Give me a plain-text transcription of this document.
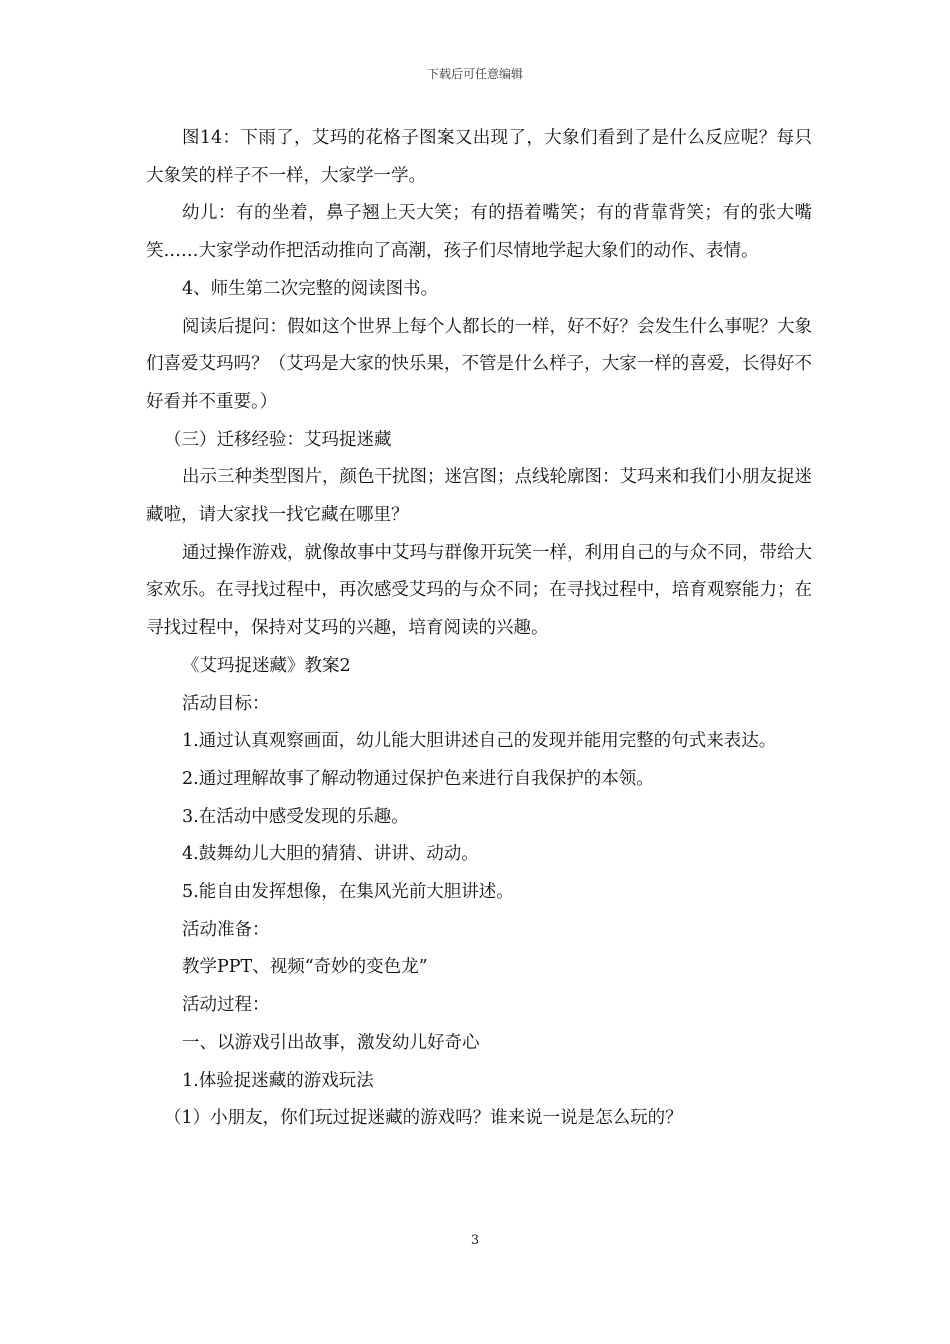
下载后可任意编辑

图14：下雨了，艾玛的花格子图案又出现了，大象们看到了是什么反应呢？每只大象笑的样子不一样，大家学一学。

幼儿：有的坐着，鼻子翘上天大笑；有的捂着嘴笑；有的背靠背笑；有的张大嘴笑……大家学动作把活动推向了高潮，孩子们尽情地学起大象们的动作、表情。

4、师生第二次完整的阅读图书。

阅读后提问：假如这个世界上每个人都长的一样，好不好？会发生什么事呢？大象们喜爱艾玛吗？（艾玛是大家的快乐果，不管是什么样子，大家一样的喜爱，长得好不好看并不重要。）

（三）迁移经验：艾玛捉迷藏

出示三种类型图片，颜色干扰图；迷宫图；点线轮廓图：艾玛来和我们小朋友捉迷藏啦，请大家找一找它藏在哪里？

通过操作游戏，就像故事中艾玛与群像开玩笑一样，利用自己的与众不同，带给大家欢乐。在寻找过程中，再次感受艾玛的与众不同；在寻找过程中，培育观察能力；在寻找过程中，保持对艾玛的兴趣，培育阅读的兴趣。

《艾玛捉迷藏》教案2

活动目标：

1.通过认真观察画面，幼儿能大胆讲述自己的发现并能用完整的句式来表达。

2.通过理解故事了解动物通过保护色来进行自我保护的本领。

3.在活动中感受发现的乐趣。

4.鼓舞幼儿大胆的猜猜、讲讲、动动。

5.能自由发挥想像，在集风光前大胆讲述。

活动准备：

教学PPT、视频“奇妙的变色龙”

活动过程：

一、以游戏引出故事，激发幼儿好奇心

1.体验捉迷藏的游戏玩法

（1）小朋友，你们玩过捉迷藏的游戏吗？谁来说一说是怎么玩的？

3
